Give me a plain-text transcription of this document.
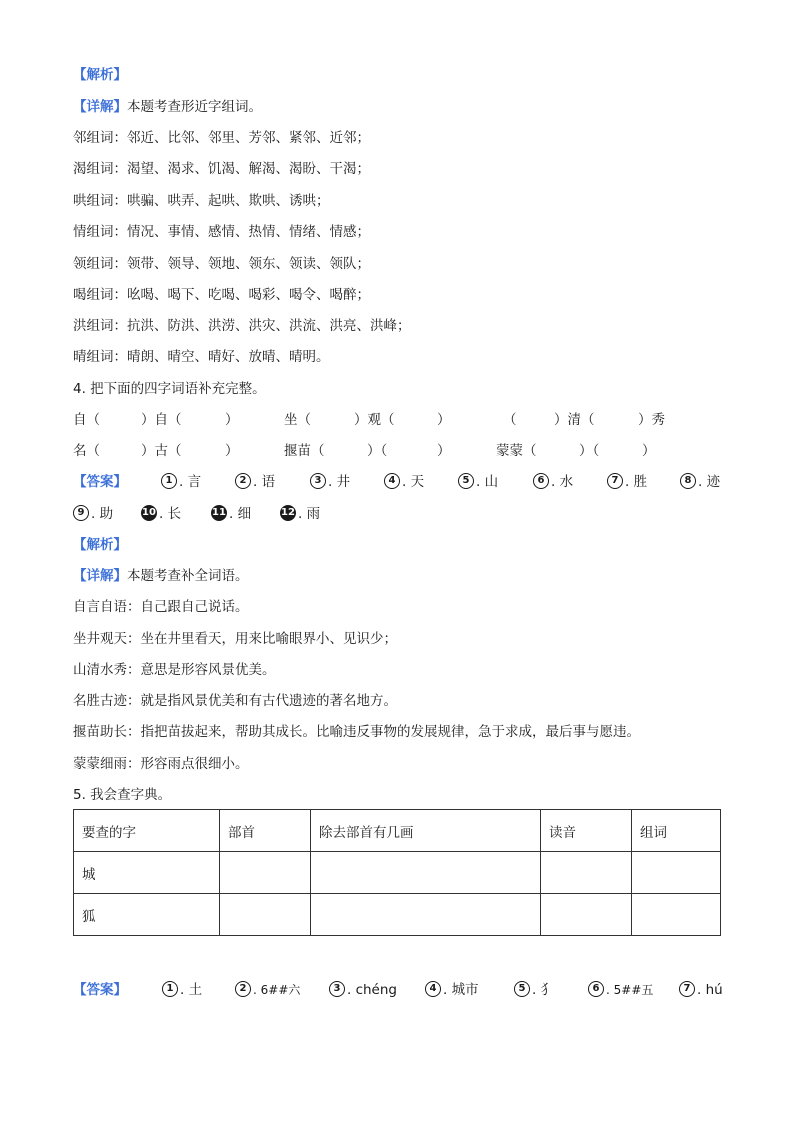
【解析】
【详解】本题考查形近字组词。
邻组词：邻近、比邻、邻里、芳邻、紧邻、近邻；
渴组词：渴望、渴求、饥渴、解渴、渴盼、干渴；
哄组词：哄骗、哄弄、起哄、欺哄、诱哄；
情组词：情况、事情、感情、热情、情绪、情感；
领组词：领带、领导、领地、领东、领读、领队；
喝组词：吆喝、喝下、吃喝、喝彩、喝令、喝醉；
洪组词：抗洪、防洪、洪涝、洪灾、洪流、洪亮、洪峰；
晴组词：晴朗、晴空、晴好、放晴、晴明。
4. 把下面的四字词语补充完整。
自（	）自（	）	坐（	）观（	）	（	）清（	）秀
名（	）古（	）	揠苗（	）（	）	蒙蒙（	）（	）
【答案】	1 . 言	2 . 语	3 . 井	4 . 天	5 . 山	6 . 水	7 . 胜	8 . 迹
9 . 助	10 . 长	11 . 细	12 . 雨
【解析】
【详解】本题考查补全词语。
自言自语：自己跟自己说话。
坐井观天：坐在井里看天，用来比喻眼界小、见识少；
山清水秀：意思是形容风景优美。
名胜古迹：就是指风景优美和有古代遗迹的著名地方。
揠苗助长：指把苗拔起来，帮助其成长。比喻违反事物的发展规律，急于求成，最后事与愿违。
蒙蒙细雨：形容雨点很细小。
5. 我会查字典。
要查的字	部首	除去部首有几画	读音	组词
城				
狐				
【答案】	1 . 土	2 . 6##六	3 . chéng	4 . 城市	5 . 犭	6 . 5##五	7 . hú
